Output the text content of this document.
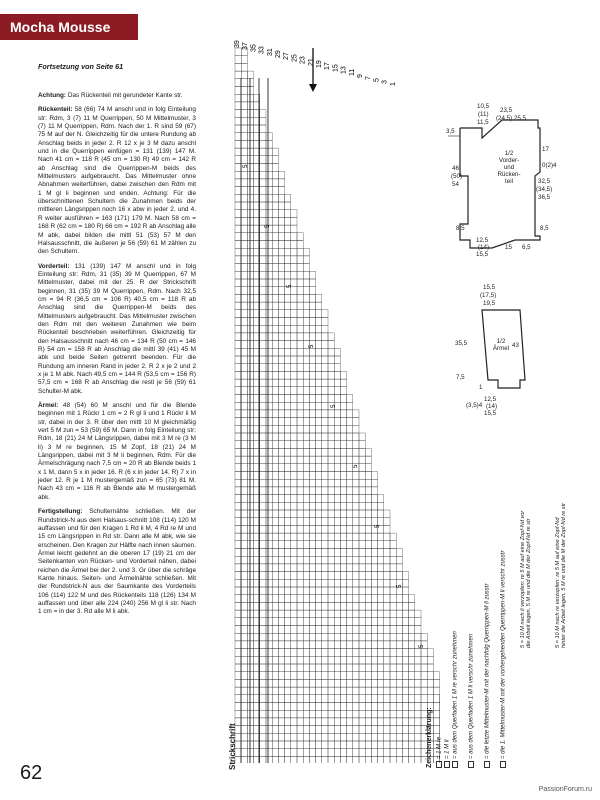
Mocha Mousse
Fortsetzung von Seite 61

Achtung: Das Rückenteil mit gerundeter Kante str.

Rückenteil: 58 (66) 74 M anschl und in folg Einteilung str: Rdm, 3 (7) 11 M Querrippen, 50 M Mittelmuster, 3 (7) 11 M Querrippen, Rdm. Nach der 1. R sind 59 (67) 75 M auf der N. Gleichzeitig für die untere Rundung ab Anschlag beids in jeder 2. R 12 x je 3 M dazu anschl und in die Querrippen einfügen = 131 (139) 147 M. Nach 41 cm = 118 R (45 cm = 130 R) 49 cm = 142 R ab Anschlag sind die Querrippen-M beids des Mittelmusters aufgebraucht. Das Mittelmuster ohne Abnahmen weiterführen, dabei zwischen den Rdm mit 1 M gl li beginnen und enden. Achtung: Für die überschnittenen Schultern die Zunahmen beids der mittleren Längsrippen noch 16 x abw in jeder 2. und 4. R weiter ausführen = 163 (171) 179 M. Nach 58 cm = 168 R (62 cm = 180 R) 66 cm = 192 R ab Anschlag alle M abk, dabei bilden die mittl 51 (53) 57 M den Halsausschnitt, die äußeren je 56 (59) 61 M zählen zu den Schultern.

Vorderteil: 131 (139) 147 M anschl und in folg Einteilung str: Rdm, 31 (35) 39 M Querrippen, 67 M Mittelmuster, dabei mit der 25. R der Strickschrift beginnen, 31 (35) 39 M Querrippen, Rdm. Nach 32,5 cm = 94 R (36,5 cm = 106 R) 40,5 cm = 118 R ab Anschlag sind die Querrippen-M beids des Mittelmusters aufgebraucht. Das Mittelmuster zwischen den Rdm mit den weiteren Zunahmen wie beim Rückenteil beschrieben weiterführen. Gleichzeitig für den Halsausschnitt nach 46 cm = 134 R (50 cm = 146 R) 54 cm = 158 R ab Anschlag die mittl 39 (41) 45 M abk und beide Seiten getrennt beenden. Für die Rundung am inneren Rand in jeder 2. R 2 x je 2 und 2 x je 1 M abk. Nach 49,5 cm = 144 R (53,5 cm = 156 R) 57,5 cm = 168 R ab Anschlag die restl je 56 (59) 61 Schulter-M abk.

Ärmel: 48 (54) 60 M anschl und für die Blende beginnen mit 1 Rückr 1 cm = 2 R gl li und 1 Rückr li M str, dabei in der 3. R über den mittl 10 M gleichmäßig vert 5 M zun = 53 (59) 65 M. Dann in folg Einteilung str: Rdm, 18 (21) 24 M Längsrippen, dabei mit 3 M re (3 M li) 3 M re beginnen, 15 M Zopf, 18 (21) 24 M Längsrippen, dabei mit 3 M li beginnen, Rdm. Für die Ärmelschrägung nach 7,5 cm = 20 R ab Blende beids 1 x 1 M, dann 5 x in jeder 16. R (6 x in jeder 14. R) 7 x in jeder 12. R je 1 M mustergemäß zun = 65 (73) 81 M. Nach 43 cm = 116 R ab Blende alle M mustergemäß abk.

Fertigstellung: Schulternähte schließen. Mit der Rundstrick-N aus dem Halsaus-schnitt 108 (114) 120 M auffassen und für den Kragen 1 Rd li M, 4 Rd re M und 15 cm Längsrippen in Rd str. Dann alle M abk, wie sie erscheinen. Den Kragen zur Hälfte nach innen säumen. Ärmel leicht gedehnt an die oberen 17 (19) 21 cm der Seitenkanten von Rücken- und Vorderteil nähen, dabei reichen die Ärmel bei der 2. und 3. Gr über die schräge Kante hinaus. Seiten- und Ärmelnähte schließen. Mit der Rundstrick-N aus der Saumkante des Vorderteils 106 (114) 122 M und des Rückenteils 118 (126) 134 M auffassen und über alle 224 (240) 256 M gl li str. Nach 1 cm = in der 3. Rd alle M li abk.

39 37 35 33 31 29 27 25 23 21 19 17 15 13 11
9
7
5
3
1
5
5
5
5
5
5
5
5
5
Strickschrift	Zeichenerklärung: = 1 M re = 1 M li = aus dem Querfaden 1 M re verschr zunehmen = aus dem Querfaden 1 M li verschr zunehmen = die letzte Mittelmuster-M mit der nachfolg Querrippen-M li zusstr = die 1. Mittelmuster-M mit der vorhergehenden Querrippen-M li verschr zusstr 5 = 10 M nach li verzopfen: re 5 M auf eine Zopf-Nd vor die Arbeit legen, 5 M re und die M der Zopf-Nd re str	5 = 10 M nach re verzopfen: re 5 M auf eine Zopf-Nd hinter die Arbeit legen, 5 M re und die M der Zopf-Nd re str
3,5
10,5
(11)
11,5
23,5
(24,5) 25,5
46
(50)
54
17
0(2)4
32,5
(34,5)
36,5
8,5	8,5
12,5
(14)
15,5
15 6,5
1/2
Vorder-
und
Rücken-
teil
15,5
(17,5)
19,5
35,5	43
7,5
1
(3,5)4
12,5
(14)
15,5
1/2
Ärmel
62
PassionForum.ru
